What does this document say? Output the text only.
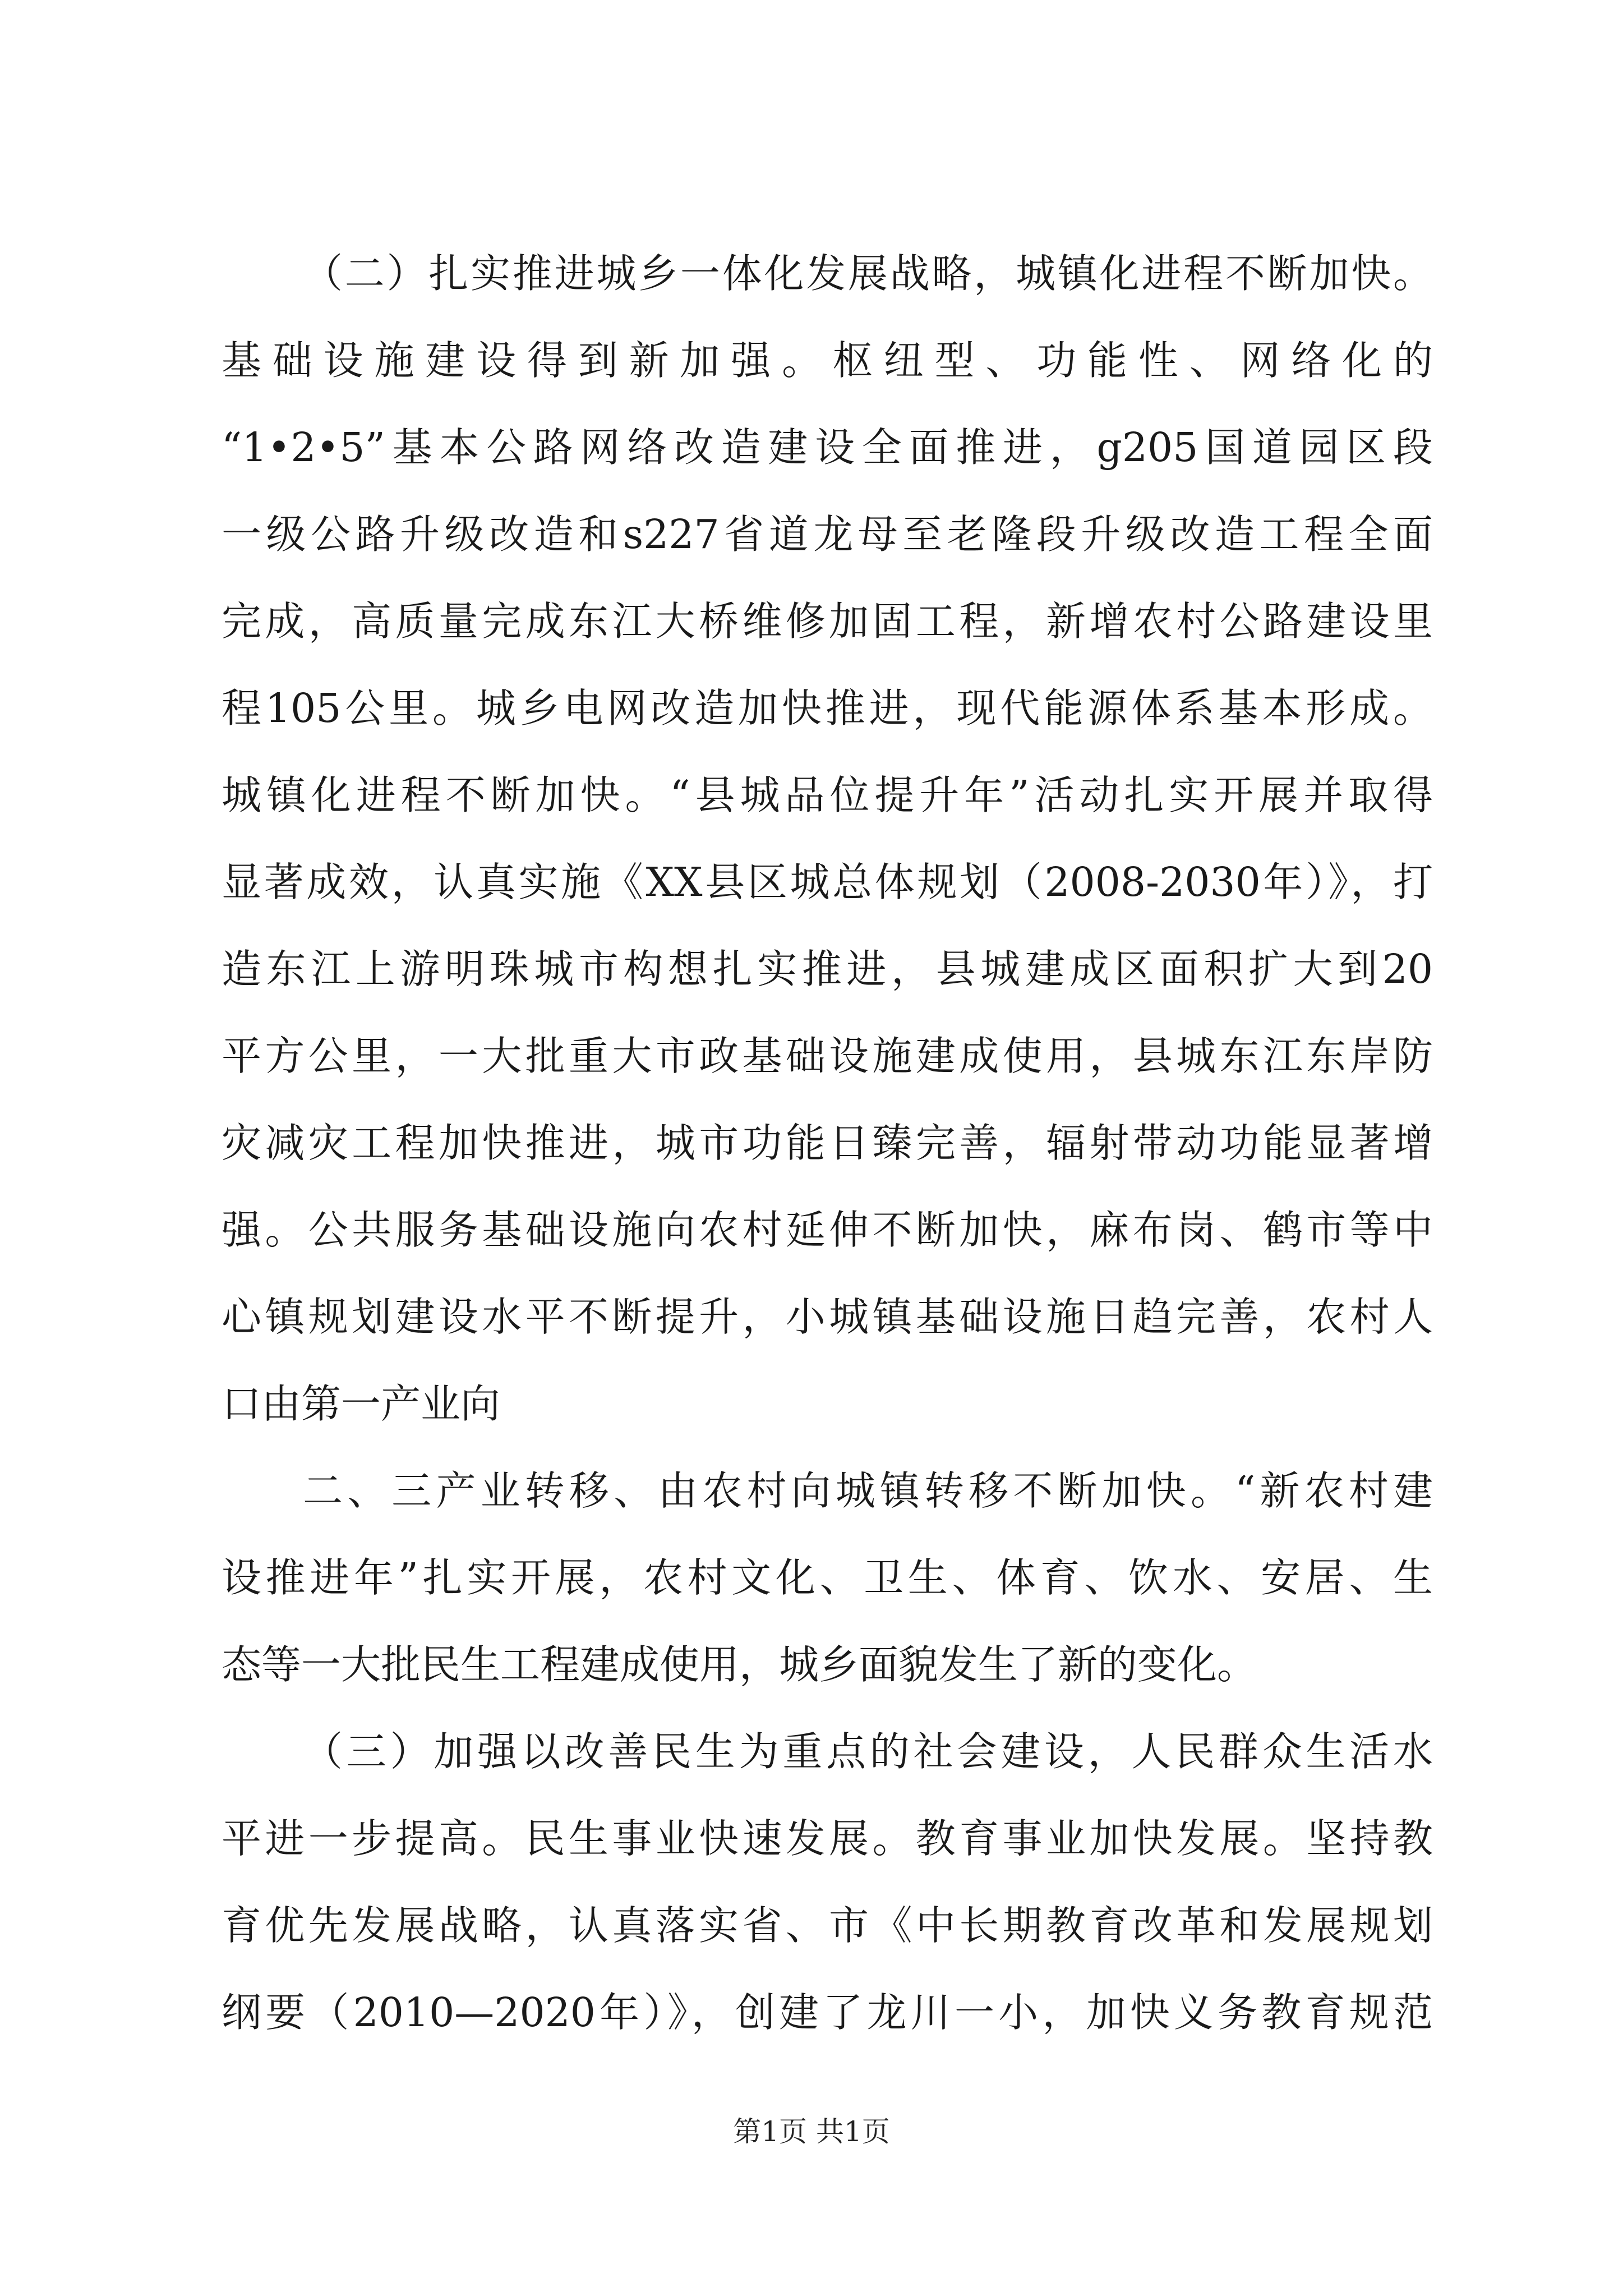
（二）扎实推进城乡一体化发展战略，城镇化进程不断加快。
基础设施建设得到新加强。枢纽型、功能性、网络化的
“1•2•5”基本公路网络改造建设全面推进，g205国道园区段
一级公路升级改造和s227省道龙母至老隆段升级改造工程全面
完成，高质量完成东江大桥维修加固工程，新增农村公路建设里
程105公里。城乡电网改造加快推进，现代能源体系基本形成。
城镇化进程不断加快。“县城品位提升年”活动扎实开展并取得
显著成效，认真实施《XX县区城总体规划（2008-2030年）》，打
造东江上游明珠城市构想扎实推进，县城建成区面积扩大到20
平方公里，一大批重大市政基础设施建成使用，县城东江东岸防
灾减灾工程加快推进，城市功能日臻完善，辐射带动功能显著增
强。公共服务基础设施向农村延伸不断加快，麻布岗、鹤市等中
心镇规划建设水平不断提升，小城镇基础设施日趋完善，农村人
口由第一产业向
二、三产业转移、由农村向城镇转移不断加快。“新农村建
设推进年”扎实开展，农村文化、卫生、体育、饮水、安居、生
态等一大批民生工程建成使用，城乡面貌发生了新的变化。
（三）加强以改善民生为重点的社会建设，人民群众生活水
平进一步提高。民生事业快速发展。教育事业加快发展。坚持教
育优先发展战略，认真落实省、市《中长期教育改革和发展规划
纲要（2010—2020年）》，创建了龙川一小，加快义务教育规范
第1页 共1页
